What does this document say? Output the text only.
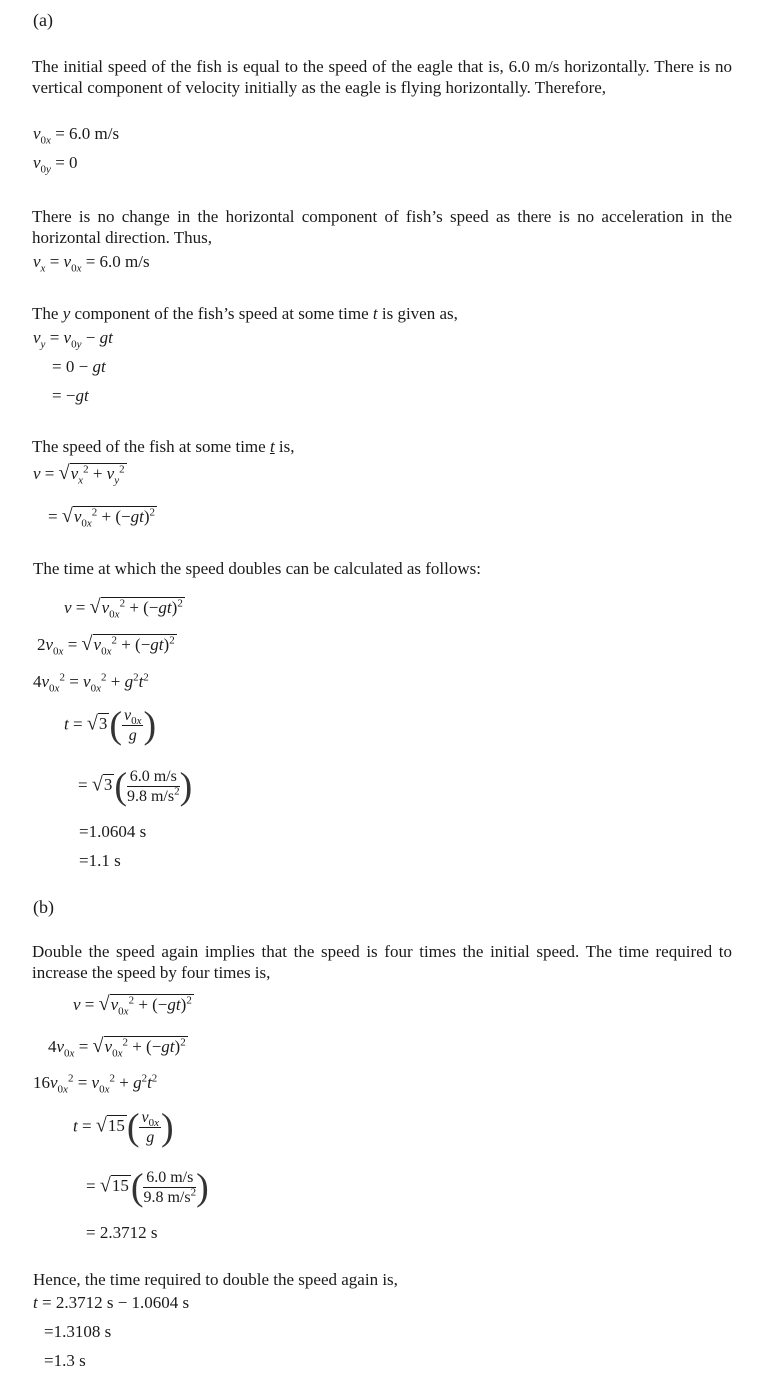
(a)
The initial speed of the fish is equal to the speed of the eagle that is, 6.0 m/s horizontally. There is no vertical component of velocity initially as the eagle is flying horizontally. Therefore,
$v_{0x} = 6.0$ m/s
$v_{0y} = 0$
There is no change in the horizontal component of fish’s speed as there is no acceleration in the horizontal direction. Thus,
$v_x = v_{0x} = 6.0$ m/s
The y component of the fish’s speed at some time t is given as,
$v_y = v_{0y}$ − gt
= 0 − gt
= −gt
The speed of the fish at some time t is,
$v = √v_x^2 + v_y^2$
= $√v_{0x}^2 + (-gt)^2$
The time at which the speed doubles can be calculated as follows:
$v = √v_{0x}^2 + (-gt)^2$
$2v_{0x} = √v_{0x}^2 + (-gt)^2$
$4v_{0x}^2 = v_{0x}^2 + g^2t^2$
$t = √3( \frac{v_{0x}}{g}$ )
= $√3( \frac{6.0 m/s}{9.8 m/s^2}$ )
=1.0604 s
=1.1 s
(b)
Double the speed again implies that the speed is four times the initial speed. The time required to increase the speed by four times is,
$v = √v_{0x}^2 + (-gt)^2$
$4v_{0x} = √v_{0x}^2 + (-gt)^2$
$16v_{0x}^2 = v_{0x}^2 + g^2t^2$
$t = √15( \frac{v_{0x}}{g}$ )
= $√15( \frac{6.0 m/s}{9.8 m/s^2}$ )
= 2.3712 s
Hence, the time required to double the speed again is,
t = 2.3712 s − 1.0604 s
=1.3108 s
=1.3 s
